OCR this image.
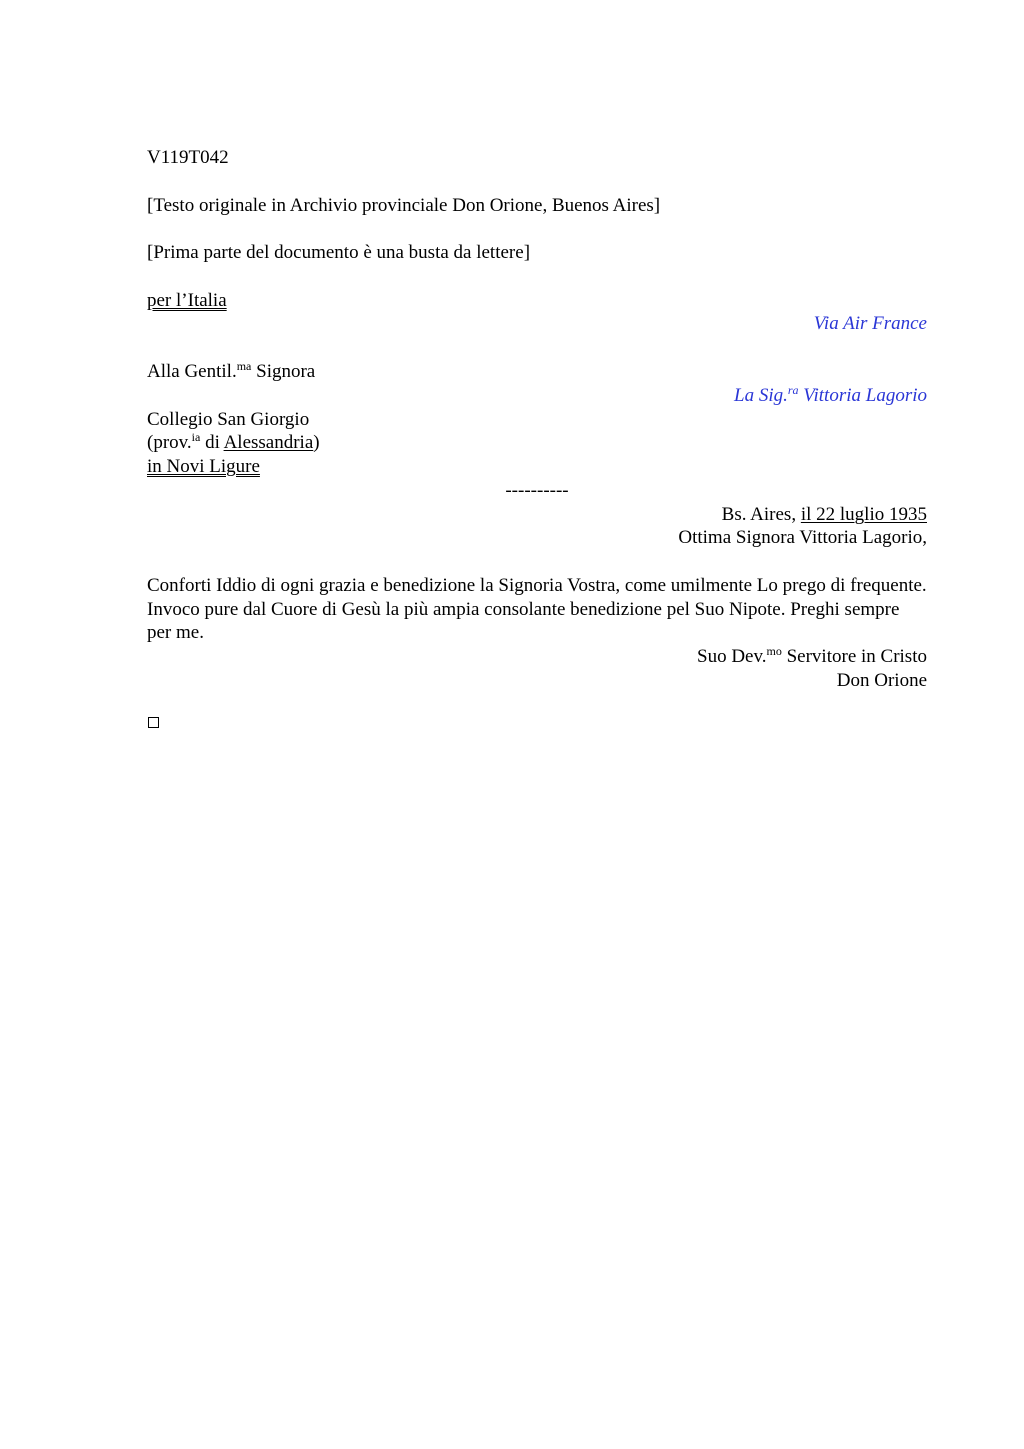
V119T042
[Testo originale in Archivio provinciale Don Orione, Buenos Aires]
[Prima parte del documento è una busta da lettere]
per l’Italia
Via Air France
Alla Gentil.$^{ma}$ Signora
La Sig.$^{ra}$ Vittoria Lagorio
Collegio San Giorgio
(prov.$^{ia}$ di Alessandria)
in Novi Ligure
----------
Bs. Aires, il 22 luglio 1935
Ottima Signora Vittoria Lagorio,
Conforti Iddio di ogni grazia e benedizione la Signoria Vostra, come umilmente Lo prego di frequente. Invoco pure dal Cuore di Gesù la più ampia consolante benedizione pel Suo Nipote. Preghi sempre per me.
Suo Dev.$^{mo}$ Servitore in Cristo
Don Orione
